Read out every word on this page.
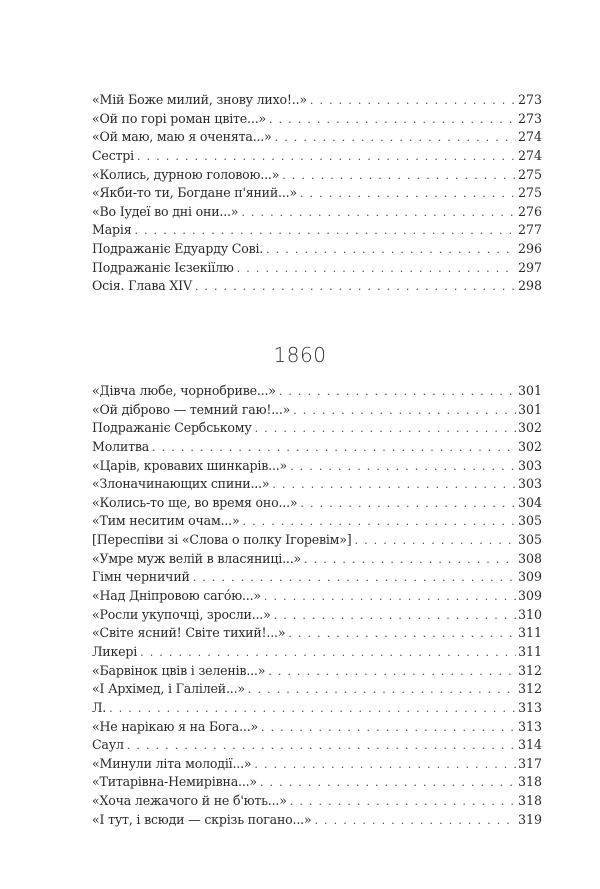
«Мій Боже милий, знову лихо!..» . . .	273
«Ой по горі роман цвіте...» . . .	273
«Ой маю, маю я оченята...» . . .	274
Сестрі . . .	274
«Колись, дурною головою...» . . .	275
«Якби-то ти, Богдане п'яний...» . . .	275
«Во Іудеї во дні они...» . . .	276
Марія . . .	277
Подражаніє Едуарду Сові. . . .	296
Подражаніє Ієзекіїлю . . .	297
Осія. Глава XIV . . .	298
1860
«Дівча любе, чорнобриве...» . . .	301
«Ой діброво — темний гаю!...» . . .	301
Подражаніє Сербському . . .	302
Молитва . . .	302
«Царів, кровавих шинкарів...» . . .	303
«Злоначинающих спини...» . . .	303
«Колись-то ще, во время оно...» . . .	304
«Тим неситим очам...» . . .	305
[Переспіви зі «Слова о полку Ігоревім»] . . .	305
«Умре муж велій в власяниці...» . . .	308
Гімн черничий . . .	309
«Над Дніпровою сагóю...» . . .	309
«Росли укупочці, зросли...» . . .	310
«Світе ясний! Світе тихий!...» . . .	311
Ликері . . .	311
«Барвінок цвів і зеленів...» . . .	312
«І Архімед, і Галілей...» . . .	312
Л. . . .	313
«Не нарікаю я на Бога...» . . .	313
Саул . . .	314
«Минули літа молодії...» . . .	317
«Титарівна-Немирівна...» . . .	318
«Хоча лежачого й не б'ють...» . . .	318
«І тут, і всюди — скрізь погано...» . . .	319
